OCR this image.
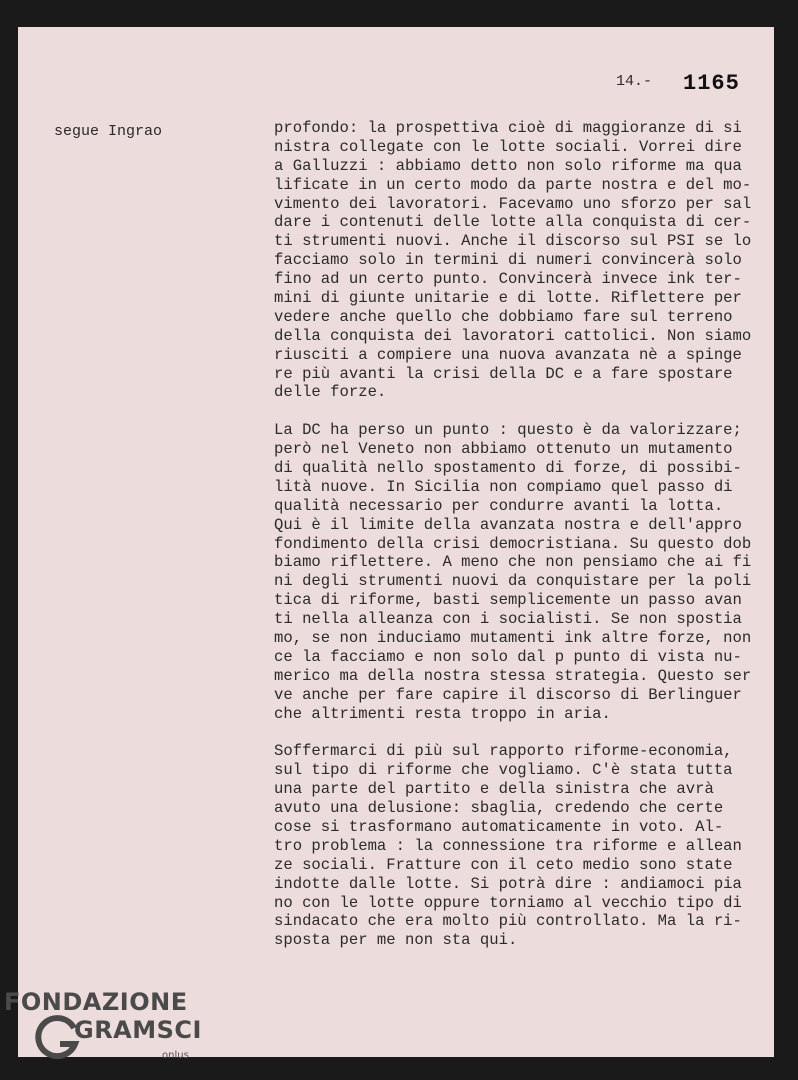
14.- 1165
segue Ingrao	profondo: la prospettiva cioè di maggioranze di si
nistra collegate con le lotte sociali. Vorrei dire
a Galluzzi : abbiamo detto non solo riforme ma qua
lificate in un certo modo da parte nostra e del mo-
vimento dei lavoratori. Facevamo uno sforzo per sal
dare i contenuti delle lotte alla conquista di cer-
ti strumenti nuovi. Anche il discorso sul PSI se lo
facciamo solo in termini di numeri convincerà solo
fino ad un certo punto. Convincerà invece ink ter-
mini di giunte unitarie e di lotte. Riflettere per
vedere anche quello che dobbiamo fare sul terreno
della conquista dei lavoratori cattolici. Non siamo
riusciti a compiere una nuova avanzata nè a spinge
re più avanti la crisi della DC e a fare spostare
delle forze.
La DC ha perso un punto : questo è da valorizzare;
però nel Veneto non abbiamo ottenuto un mutamento
di qualità nello spostamento di forze, di possibi-
lità nuove. In Sicilia non compiamo quel passo di
qualità necessario per condurre avanti la lotta.
Qui è il limite della avanzata nostra e dell'appro
fondimento della crisi democristiana. Su questo dob
biamo riflettere. A meno che non pensiamo che ai fi
ni degli strumenti nuovi da conquistare per la poli
tica di riforme, basti semplicemente un passo avan
ti nella alleanza con i socialisti. Se non spostia
mo, se non induciamo mutamenti ink altre forze, non
ce la facciamo e non solo dal p punto di vista nu-
merico ma della nostra stessa strategia. Questo ser
ve anche per fare capire il discorso di Berlinguer
che altrimenti resta troppo in aria.
Soffermarci di più sul rapporto riforme-economia,
sul tipo di riforme che vogliamo. C'è stata tutta
una parte del partito e della sinistra che avrà
avuto una delusione: sbaglia, credendo che certe
cose si trasformano automaticamente in voto. Al-
tro problema : la connessione tra riforme e allean
ze sociali. Fratture con il ceto medio sono state
indotte dalle lotte. Si potrà dire : andiamoci pia
no con le lotte oppure torniamo al vecchio tipo di
sindacato che era molto più controllato. Ma la ri-
sposta per me non sta qui.
FONDAZIONE
GRAMSCI
onlus
